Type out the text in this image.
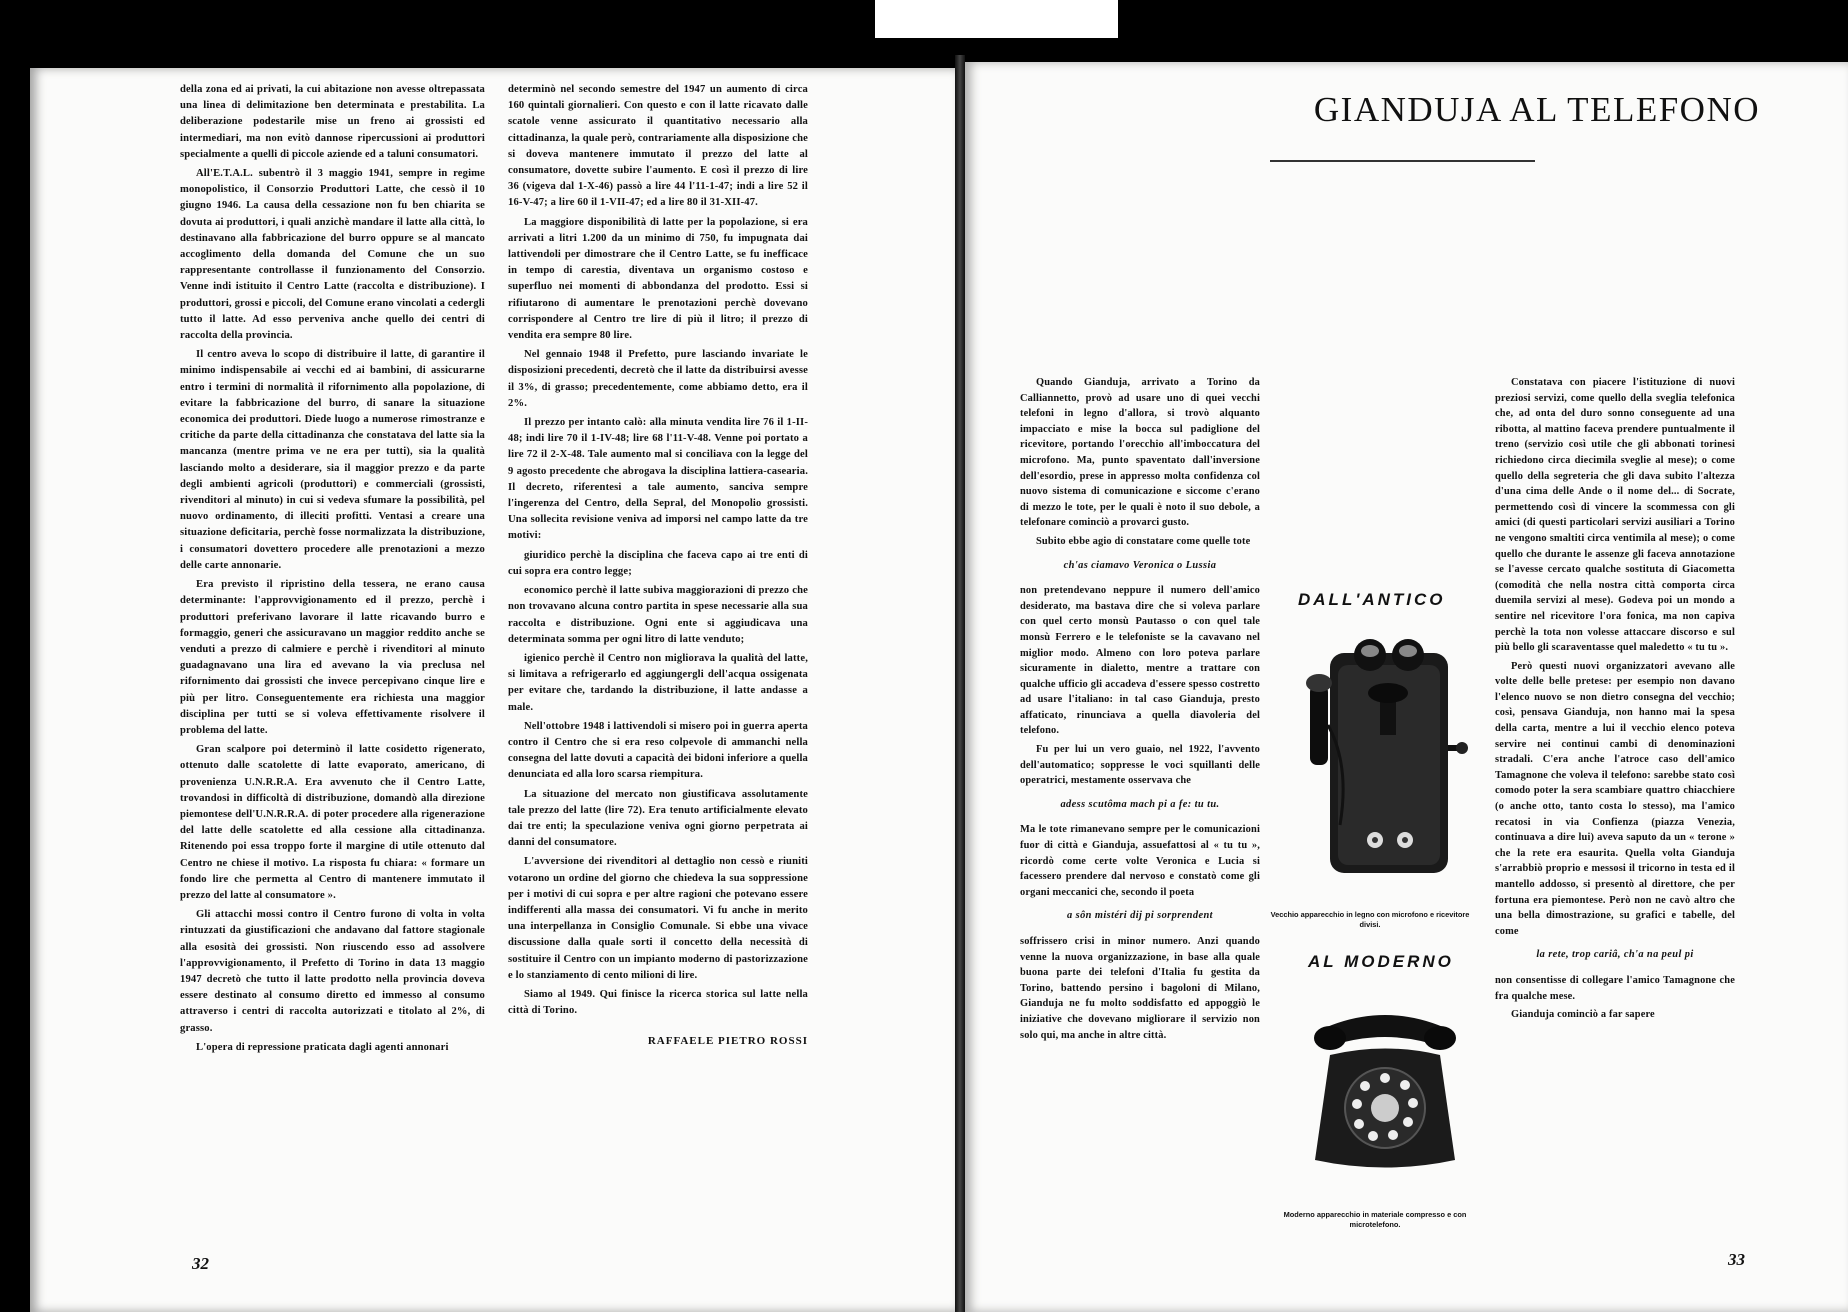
della zona ed ai privati, la cui abitazione non avesse oltrepassata una linea di delimitazione ben determinata e prestabilita. La deliberazione podestarile mise un freno ai grossisti ed intermediari, ma non evitò dannose ripercussioni ai produttori specialmente a quelli di piccole aziende ed a taluni consumatori.

All'E.T.A.L. subentrò il 3 maggio 1941, sempre in regime monopolistico, il Consorzio Produttori Latte, che cessò il 10 giugno 1946. La causa della cessazione non fu ben chiarita se dovuta ai produttori, i quali anzichè mandare il latte alla città, lo destinavano alla fabbricazione del burro oppure se al mancato accoglimento della domanda del Comune che un suo rappresentante controllasse il funzionamento del Consorzio. Venne indi istituito il Centro Latte (raccolta e distribuzione). I produttori, grossi e piccoli, del Comune erano vincolati a cedergli tutto il latte. Ad esso perveniva anche quello dei centri di raccolta della provincia.

Il centro aveva lo scopo di distribuire il latte, di garantire il minimo indispensabile ai vecchi ed ai bambini, di assicurarne entro i termini di normalità il rifornimento alla popolazione, di evitare la fabbricazione del burro, di sanare la situazione economica dei produttori. Diede luogo a numerose rimostranze e critiche da parte della cittadinanza che constatava del latte sia la mancanza (mentre prima ve ne era per tutti), sia la qualità lasciando molto a desiderare, sia il maggior prezzo e da parte degli ambienti agricoli (produttori) e commerciali (grossisti, rivenditori al minuto) in cui si vedeva sfumare la possibilità, pel nuovo ordinamento, di illeciti profitti. Ventasi a creare una situazione deficitaria, perchè fosse normalizzata la distribuzione, i consumatori dovettero procedere alle prenotazioni a mezzo delle carte annonarie.

Era previsto il ripristino della tessera, ne erano causa determinante: l'approvvigionamento ed il prezzo, perchè i produttori preferivano lavorare il latte ricavando burro e formaggio, generi che assicuravano un maggior reddito anche se venduti a prezzo di calmiere e perchè i rivenditori al minuto guadagnavano una lira ed avevano la via preclusa nel rifornimento dai grossisti che invece percepivano cinque lire e più per litro. Conseguentemente era richiesta una maggior disciplina per tutti se si voleva effettivamente risolvere il problema del latte.

Gran scalpore poi determinò il latte cosidetto rigenerato, ottenuto dalle scatolette di latte evaporato, americano, di provenienza U.N.R.R.A. Era avvenuto che il Centro Latte, trovandosi in difficoltà di distribuzione, domandò alla direzione piemontese dell'U.N.R.R.A. di poter procedere alla rigenerazione del latte delle scatolette ed alla cessione alla cittadinanza. Ritenendo poi essa troppo forte il margine di utile ottenuto dal Centro ne chiese il motivo. La risposta fu chiara: « formare un fondo lire che permetta al Centro di mantenere immutato il prezzo del latte al consumatore ».

Gli attacchi mossi contro il Centro furono di volta in volta rintuzzati da giustificazioni che andavano dal fattore stagionale alla esosità dei grossisti. Non riuscendo esso ad assolvere l'approvvigionamento, il Prefetto di Torino in data 13 maggio 1947 decretò che tutto il latte prodotto nella provincia doveva essere destinato al consumo diretto ed immesso al consumo attraverso i centri di raccolta autorizzati e titolato al 2%, di grasso.

L'opera di repressione praticata dagli agenti annonari

determinò nel secondo semestre del 1947 un aumento di circa 160 quintali giornalieri. Con questo e con il latte ricavato dalle scatole venne assicurato il quantitativo necessario alla cittadinanza, la quale però, contrariamente alla disposizione che si doveva mantenere immutato il prezzo del latte al consumatore, dovette subire l'aumento. E così il prezzo di lire 36 (vigeva dal 1-X-46) passò a lire 44 l'11-1-47; indi a lire 52 il 16-V-47; a lire 60 il 1-VII-47; ed a lire 80 il 31-XII-47.

La maggiore disponibilità di latte per la popolazione, si era arrivati a litri 1.200 da un minimo di 750, fu impugnata dai lattivendoli per dimostrare che il Centro Latte, se fu inefficace in tempo di carestia, diventava un organismo costoso e superfluo nei momenti di abbondanza del prodotto. Essi si rifiutarono di aumentare le prenotazioni perchè dovevano corrispondere al Centro tre lire di più il litro; il prezzo di vendita era sempre 80 lire.

Nel gennaio 1948 il Prefetto, pure lasciando invariate le disposizioni precedenti, decretò che il latte da distribuirsi avesse il 3%, di grasso; precedentemente, come abbiamo detto, era il 2%.

Il prezzo per intanto calò: alla minuta vendita lire 76 il 1-II-48; indi lire 70 il 1-IV-48; lire 68 l'11-V-48. Venne poi portato a lire 72 il 2-X-48. Tale aumento mal si conciliava con la legge del 9 agosto precedente che abrogava la disciplina lattiera-casearia. Il decreto, riferentesi a tale aumento, sanciva sempre l'ingerenza del Centro, della Sepral, del Monopolio grossisti. Una sollecita revisione veniva ad imporsi nel campo latte da tre motivi:

giuridico perchè la disciplina che faceva capo ai tre enti di cui sopra era contro legge;

economico perchè il latte subiva maggiorazioni di prezzo che non trovavano alcuna contro partita in spese necessarie alla sua raccolta e distribuzione. Ogni ente si aggiudicava una determinata somma per ogni litro di latte venduto;

igienico perchè il Centro non migliorava la qualità del latte, si limitava a refrigerarlo ed aggiungergli dell'acqua ossigenata per evitare che, tardando la distribuzione, il latte andasse a male.

Nell'ottobre 1948 i lattivendoli si misero poi in guerra aperta contro il Centro che si era reso colpevole di ammanchi nella consegna del latte dovuti a capacità dei bidoni inferiore a quella denunciata ed alla loro scarsa riempitura.

La situazione del mercato non giustificava assolutamente tale prezzo del latte (lire 72). Era tenuto artificialmente elevato dai tre enti; la speculazione veniva ogni giorno perpetrata ai danni del consumatore.

L'avversione dei rivenditori al dettaglio non cessò e riuniti votarono un ordine del giorno che chiedeva la sua soppressione per i motivi di cui sopra e per altre ragioni che potevano essere indifferenti alla massa dei consumatori. Vi fu anche in merito una interpellanza in Consiglio Comunale. Si ebbe una vivace discussione dalla quale sorti il concetto della necessità di sostituire il Centro con un impianto moderno di pastorizzazione e lo stanziamento di cento milioni di lire.

Siamo al 1949. Qui finisce la ricerca storica sul latte nella città di Torino.

RAFFAELE PIETRO ROSSI
32
GIANDUJA AL TELEFONO

Quando Gianduja, arrivato a Torino da Calliannetto, provò ad usare uno di quei vecchi telefoni in legno d'allora, si trovò alquanto impacciato e mise la bocca sul padiglione del ricevitore, portando l'orecchio all'imboccatura del microfono. Ma, punto spaventato dall'inversione dell'esordio, prese in appresso molta confidenza col nuovo sistema di comunicazione e siccome c'erano di mezzo le tote, per le quali è noto il suo debole, a telefonare cominciò a provarci gusto.

Subito ebbe agio di constatare come quelle tote

ch'as ciamavo Veronica o Lussia

non pretendevano neppure il numero dell'amico desiderato, ma bastava dire che si voleva parlare con quel certo monsù Pautasso o con quel tale monsù Ferrero e le telefoniste se la cavavano nel miglior modo. Almeno con loro poteva parlare sicuramente in dialetto, mentre a trattare con qualche ufficio gli accadeva d'essere spesso costretto ad usare l'italiano: in tal caso Gianduja, presto affaticato, rinunciava a quella diavoleria del telefono.

Fu per lui un vero guaio, nel 1922, l'avvento dell'automatico; soppresse le voci squillanti delle operatrici, mestamente osservava che

adess scutôma mach pi a fe: tu tu.

Ma le tote rimanevano sempre per le comunicazioni fuor di città e Gianduja, assuefattosi al « tu tu », ricordò come certe volte Veronica e Lucia si facessero prendere dal nervoso e constatò come gli organi meccanici che, secondo il poeta

a sôn mistéri dij pi sorprendent

soffrissero crisi in minor numero. Anzi quando venne la nuova organizzazione, in base alla quale buona parte dei telefoni d'Italia fu gestita da Torino, battendo persino i bagoloni di Milano, Gianduja ne fu molto soddisfatto ed appoggiò le iniziative che dovevano migliorare il servizio non solo qui, ma anche in altre città.

DALL'ANTICO
Vecchio apparecchio in legno con microfono e ricevitore divisi.
AL MODERNO
Moderno apparecchio in materiale compresso e con microtelefono.

Constatava con piacere l'istituzione di nuovi preziosi servizi, come quello della sveglia telefonica che, ad onta del duro sonno conseguente ad una ribotta, al mattino faceva prendere puntualmente il treno (servizio così utile che gli abbonati torinesi richiedono circa diecimila sveglie al mese); o come quello della segreteria che gli dava subito l'altezza d'una cima delle Ande o il nome del... di Socrate, permettendo così di vincere la scommessa con gli amici (di questi particolari servizi ausiliari a Torino ne vengono smaltiti circa ventimila al mese); o come quello che durante le assenze gli faceva annotazione se l'avesse cercato qualche sostituta di Giacometta (comodità che nella nostra città comporta circa duemila servizi al mese). Godeva poi un mondo a sentire nel ricevitore l'ora fonica, ma non capiva perchè la tota non volesse attaccare discorso e sul più bello gli scaraventasse quel maledetto « tu tu ».

Però questi nuovi organizzatori avevano alle volte delle belle pretese: per esempio non davano l'elenco nuovo se non dietro consegna del vecchio; così, pensava Gianduja, non hanno mai la spesa della carta, mentre a lui il vecchio elenco poteva servire nei continui cambi di denominazioni stradali. C'era anche l'atroce caso dell'amico Tamagnone che voleva il telefono: sarebbe stato così comodo poter la sera scambiare quattro chiacchiere (o anche otto, tanto costa lo stesso), ma l'amico recatosi in via Confienza (piazza Venezia, continuava a dire lui) aveva saputo da un « terone » che la rete era esaurita. Quella volta Gianduja s'arrabbiò proprio e messosi il tricorno in testa ed il mantello addosso, si presentò al direttore, che per fortuna era piemontese. Però non ne cavò altro che una bella dimostrazione, su grafici e tabelle, del come

la rete, trop cariâ, ch'a na peul pi

non consentisse di collegare l'amico Tamagnone che fra qualche mese.

Gianduja cominciò a far sapere

33
